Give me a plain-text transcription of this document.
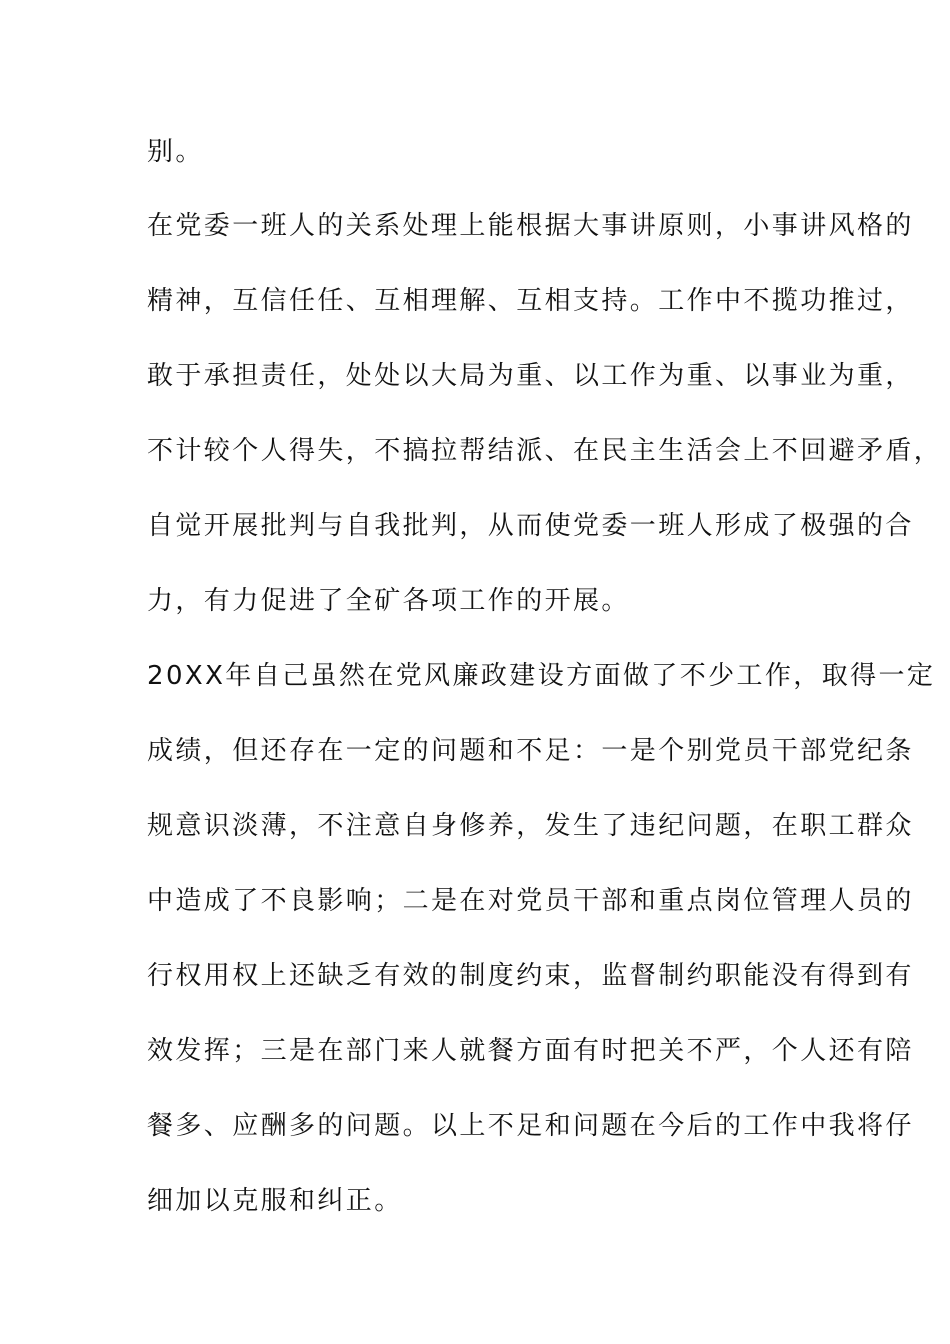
别。

在党委一班人的关系处理上能根据大事讲原则，小事讲风格的

精神，互信任任、互相理解、互相支持。工作中不揽功推过，

敢于承担责任，处处以大局为重、以工作为重、以事业为重，

不计较个人得失，不搞拉帮结派、在民主生活会上不回避矛盾，

自觉开展批判与自我批判，从而使党委一班人形成了极强的合

力，有力促进了全矿各项工作的开展。

20XX年自己虽然在党风廉政建设方面做了不少工作，取得一定

成绩，但还存在一定的问题和不足：一是个别党员干部党纪条

规意识淡薄，不注意自身修养，发生了违纪问题，在职工群众

中造成了不良影响；二是在对党员干部和重点岗位管理人员的

行权用权上还缺乏有效的制度约束，监督制约职能没有得到有

效发挥；三是在部门来人就餐方面有时把关不严，个人还有陪

餐多、应酬多的问题。以上不足和问题在今后的工作中我将仔

细加以克服和纠正。
